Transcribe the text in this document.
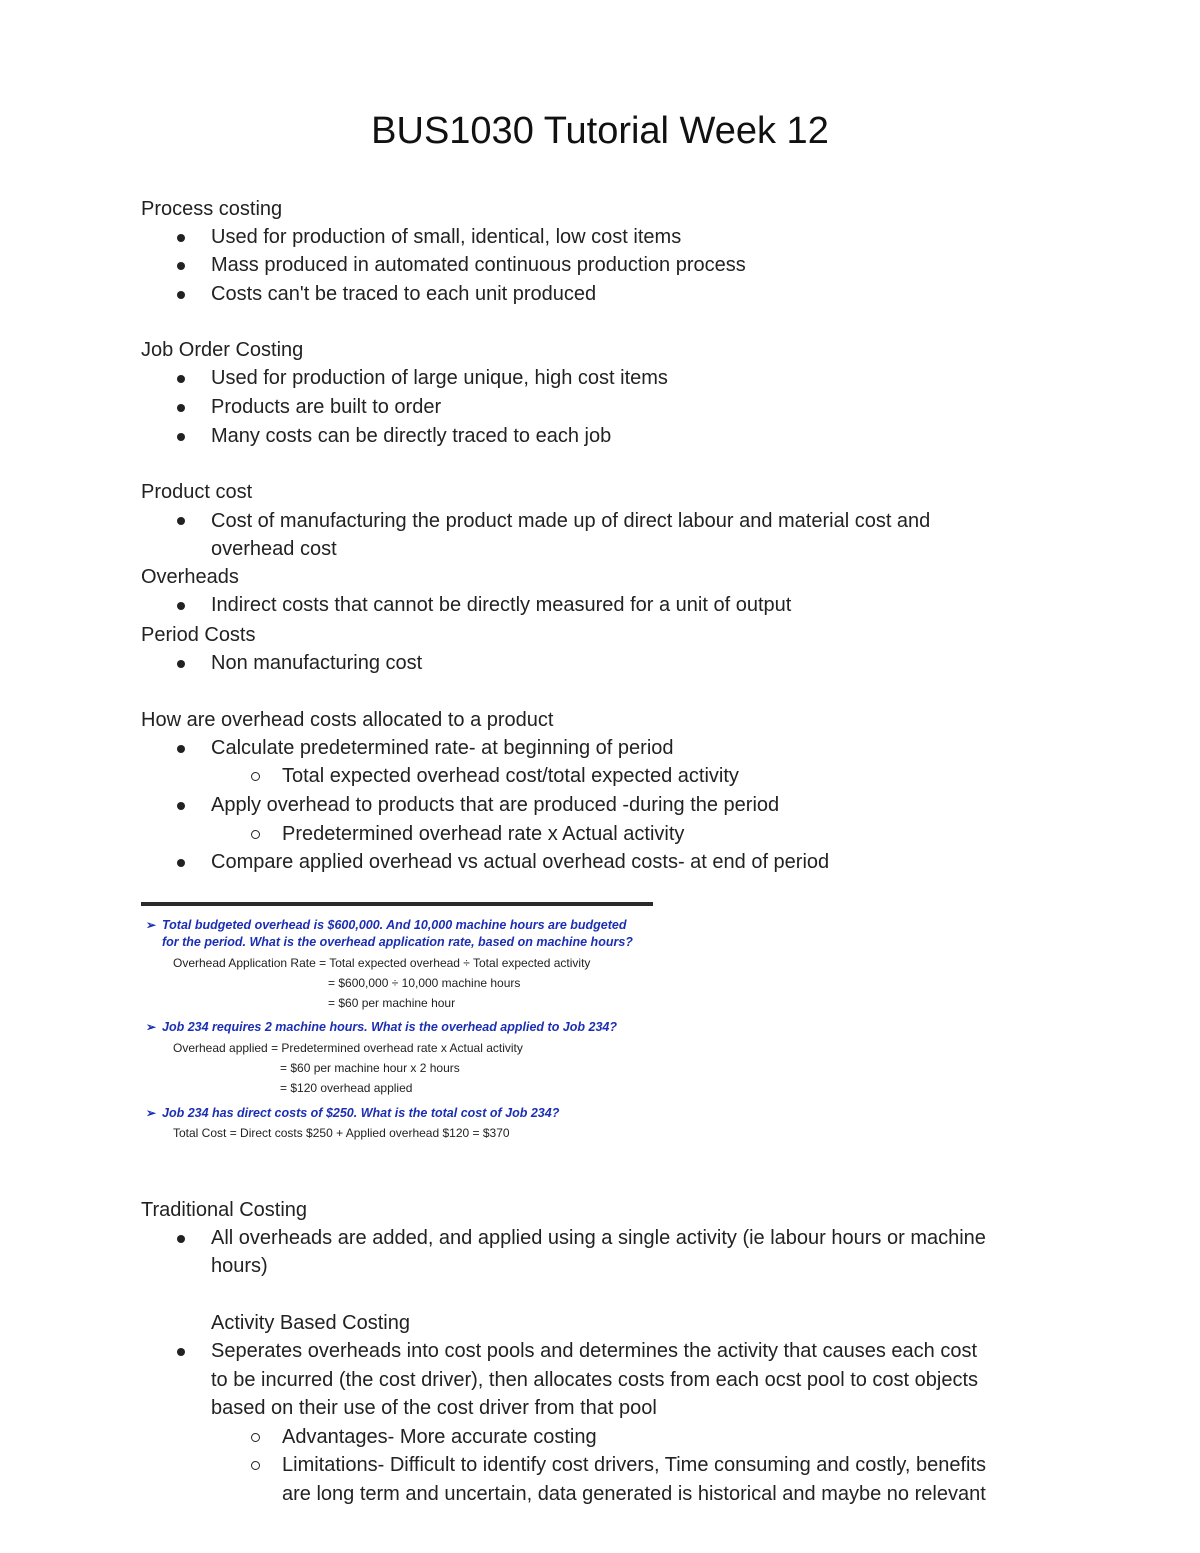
BUS1030 Tutorial Week 12
Process costing
Used for production of small, identical, low cost items
Mass produced in automated continuous production process
Costs can't be traced to each unit produced
Job Order Costing
Used for production of large unique, high cost items
Products are built to order
Many costs can be directly traced to each job
Product cost
Cost of manufacturing the product made up of direct labour and material cost and
overhead cost
Overheads
Indirect costs that cannot be directly measured for a unit of output
Period Costs
Non manufacturing cost
How are overhead costs allocated to a product
Calculate predetermined rate- at beginning of period
Total expected overhead cost/total expected activity
Apply overhead to products that are produced -during the period
Predetermined overhead rate x Actual activity
Compare applied overhead vs actual overhead costs- at end of period
➢ Total budgeted overhead is $600,000. And 10,000 machine hours are budgeted
for the period. What is the overhead application rate, based on machine hours?
Overhead Application Rate = Total expected overhead ÷ Total expected activity
= $600,000 ÷ 10,000 machine hours
= $60 per machine hour
➢ Job 234 requires 2 machine hours. What is the overhead applied to Job 234?
Overhead applied = Predetermined overhead rate x Actual activity
= $60 per machine hour x 2 hours
= $120 overhead applied
➢ Job 234 has direct costs of $250. What is the total cost of Job 234?
Total Cost = Direct costs $250 + Applied overhead $120 = $370
Traditional Costing
All overheads are added, and applied using a single activity (ie labour hours or machine
hours)
Activity Based Costing
Seperates overheads into cost pools and determines the activity that causes each cost
to be incurred (the cost driver), then allocates costs from each ocst pool to cost objects
based on their use of the cost driver from that pool
Advantages- More accurate costing
Limitations- Difficult to identify cost drivers, Time consuming and costly, benefits
are long term and uncertain, data generated is historical and maybe no relevant
